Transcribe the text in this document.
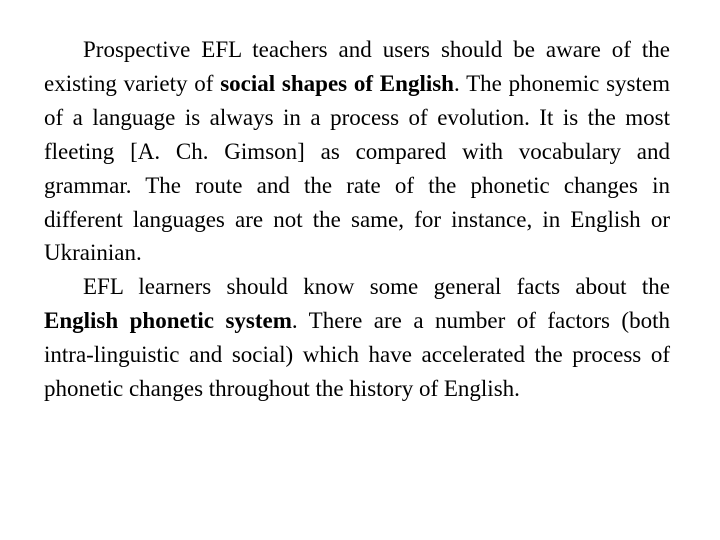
Prospective EFL teachers and users should be aware of the existing variety of social shapes of English. The phonemic system of a language is always in a process of evolution. It is the most fleeting [A. Ch. Gimson] as compared with vocabulary and grammar. The route and the rate of the phonetic changes in different languages are not the same, for instance, in English or Ukrainian.

EFL learners should know some general facts about the English phonetic system. There are a number of factors (both intra-linguistic and social) which have accelerated the process of phonetic changes throughout the history of English.
